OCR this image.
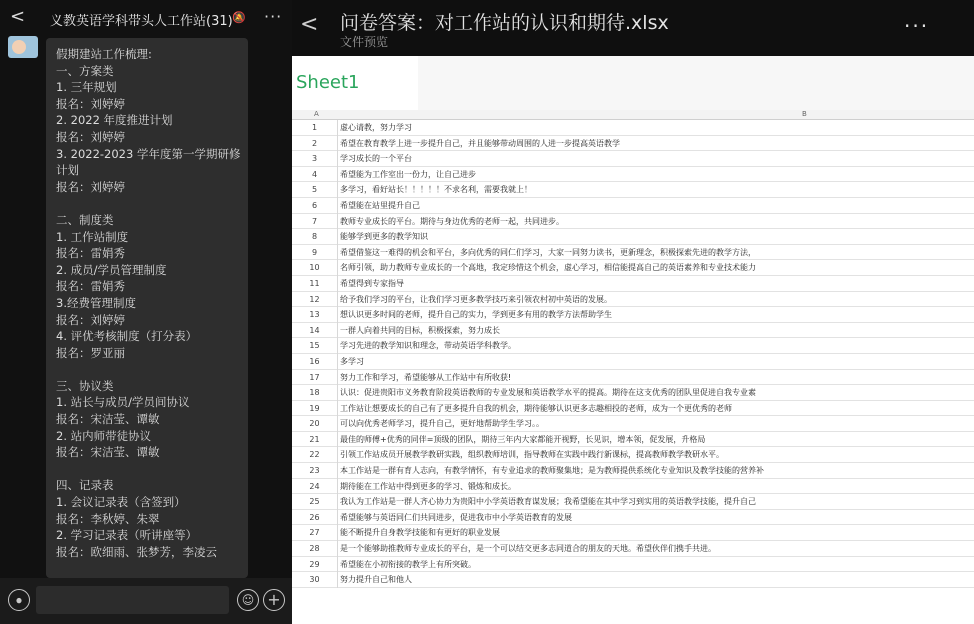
< 义教英语学科带头人工作站(31) 🔕 ···
假期建站工作梳理:
一、方案类
1. 三年规划
报名：刘婷婷
2. 2022 年度推进计划
报名：刘婷婷
3. 2022-2023 学年度第一学期研修
计划
报名：刘婷婷
二、制度类
1. 工作站制度
报名：雷娟秀
2. 成员/学员管理制度
报名：雷娟秀
3.经费管理制度
报名：刘婷婷
4. 评优考核制度（打分表）
报名：罗亚丽
三、协议类
1. 站长与成员/学员间协议
报名：宋洁莹、谭敏
2. 站内师带徒协议
报名：宋洁莹、谭敏
四、记录表
1. 会议记录表（含签到）
报名：李秋婷、朱翠
2. 学习记录表（听讲座等）
报名：欧细雨、张梦芳，李凌云
⦁	☺ +
< 问卷答案：对工作站的认识和期待.xlsx
文件预览
···
Sheet1
A	B
1	虚心请教，努力学习
2	希望在教育教学上进一步提升自己，并且能够带动周围的人进一步提高英语教学
3	学习成长的一个平台
4	希望能为工作室出一份力，让自己进步
5	多学习，看好站长！！！！！不求名利，需要我就上！
6	希望能在站里提升自己
7	教师专业成长的平台。期待与身边优秀的老师一起，共同进步。
8	能够学到更多的教学知识
9	希望借鉴这一难得的机会和平台，多向优秀的同仁们学习，大家一同努力读书，更新理念，积极探索先进的教学方法，
10	名师引领，助力教师专业成长的一个高地，我定珍惜这个机会，虚心学习，相信能提高自己的英语素养和专业技术能力
11	希望得到专家指导
12	给予我们学习的平台，让我们学习更多教学技巧来引领农村初中英语的发展。
13	想认识更多时间的老师，提升自己的实力，学到更多有用的教学方法帮助学生
14	一群人向着共同的目标，积极探索，努力成长
15	学习先进的教学知识和理念，带动英语学科教学。
16	多学习
17	努力工作和学习，希望能够从工作站中有所收获!
18	认识：促进贵阳市义务教育阶段英语教师的专业发展和英语教学水平的提高。期待在这支优秀的团队里促进自我专业素
19	工作站让想要成长的自己有了更多提升自我的机会，期待能够认识更多志趣相投的老师，成为一个更优秀的老师
20	可以向优秀老师学习，提升自己，更好地帮助学生学习。。
21	最佳的师傅+优秀的同伴=顶级的团队，期待三年内大家都能开视野，长见识，增本领，促发展，升格局
22	引领工作站成员开展教学教研实践，组织教师培训，指导教师在实践中践行新课标，提高教师教学教研水平。
23	本工作站是一群有育人志向，有教学情怀，有专业追求的教师聚集地；是为教师提供系统化专业知识及教学技能的营养补
24	期待能在工作站中得到更多的学习、锻炼和成长。
25	我认为工作站是一群人齐心协力为贵阳中小学英语教育谋发展；我希望能在其中学习到实用的英语教学技能，提升自己
26	希望能够与英语同仁们共同进步，促进我市中小学英语教育的发展
27	能不断提升自身教学技能和有更好的职业发展
28	是一个能够助推教师专业成长的平台，是一个可以结交更多志同道合的朋友的天地。希望伙伴们携手共进。
29	希望能在小初衔接的教学上有所突破。
30	努力提升自己和他人
